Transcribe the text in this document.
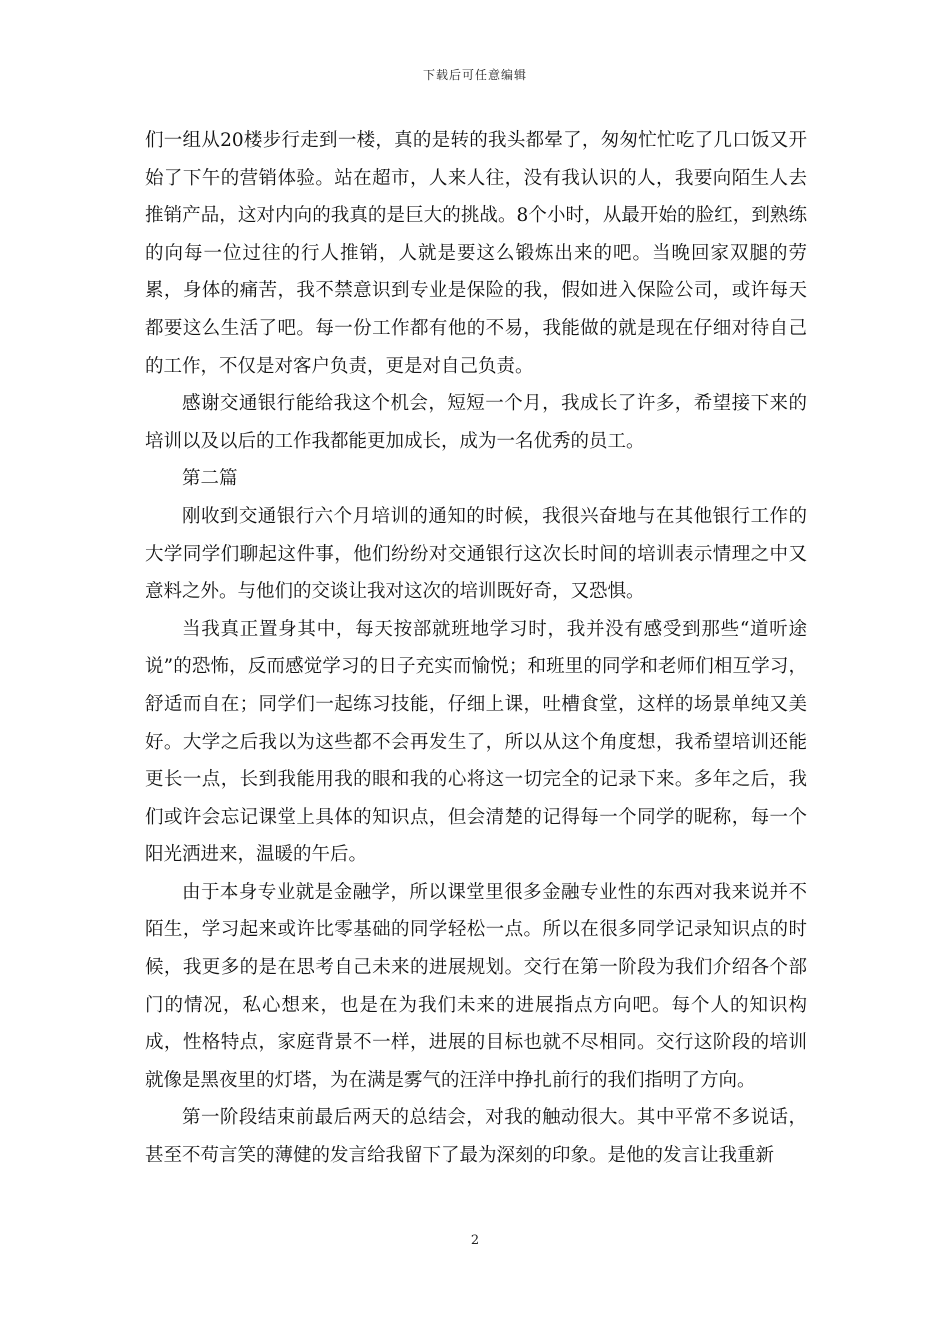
下载后可任意编辑

们一组从20楼步行走到一楼，真的是转的我头都晕了，匆匆忙忙吃了几口饭又开始了下午的营销体验。站在超市，人来人往，没有我认识的人，我要向陌生人去推销产品，这对内向的我真的是巨大的挑战。8个小时，从最开始的脸红，到熟练的向每一位过往的行人推销，人就是要这么锻炼出来的吧。当晚回家双腿的劳累，身体的痛苦，我不禁意识到专业是保险的我，假如进入保险公司，或许每天都要这么生活了吧。每一份工作都有他的不易，我能做的就是现在仔细对待自己的工作，不仅是对客户负责，更是对自己负责。

感谢交通银行能给我这个机会，短短一个月，我成长了许多，希望接下来的培训以及以后的工作我都能更加成长，成为一名优秀的员工。

第二篇

刚收到交通银行六个月培训的通知的时候，我很兴奋地与在其他银行工作的大学同学们聊起这件事，他们纷纷对交通银行这次长时间的培训表示情理之中又意料之外。与他们的交谈让我对这次的培训既好奇，又恐惧。

当我真正置身其中，每天按部就班地学习时，我并没有感受到那些“道听途说”的恐怖，反而感觉学习的日子充实而愉悦；和班里的同学和老师们相互学习，舒适而自在；同学们一起练习技能，仔细上课，吐槽食堂，这样的场景单纯又美好。大学之后我以为这些都不会再发生了，所以从这个角度想，我希望培训还能更长一点，长到我能用我的眼和我的心将这一切完全的记录下来。多年之后，我们或许会忘记课堂上具体的知识点，但会清楚的记得每一个同学的昵称，每一个阳光洒进来，温暖的午后。

由于本身专业就是金融学，所以课堂里很多金融专业性的东西对我来说并不陌生，学习起来或许比零基础的同学轻松一点。所以在很多同学记录知识点的时候，我更多的是在思考自己未来的进展规划。交行在第一阶段为我们介绍各个部门的情况，私心想来，也是在为我们未来的进展指点方向吧。每个人的知识构成，性格特点，家庭背景不一样，进展的目标也就不尽相同。交行这阶段的培训就像是黑夜里的灯塔，为在满是雾气的汪洋中挣扎前行的我们指明了方向。

第一阶段结束前最后两天的总结会，对我的触动很大。其中平常不多说话，甚至不苟言笑的薄健的发言给我留下了最为深刻的印象。是他的发言让我重新

2
